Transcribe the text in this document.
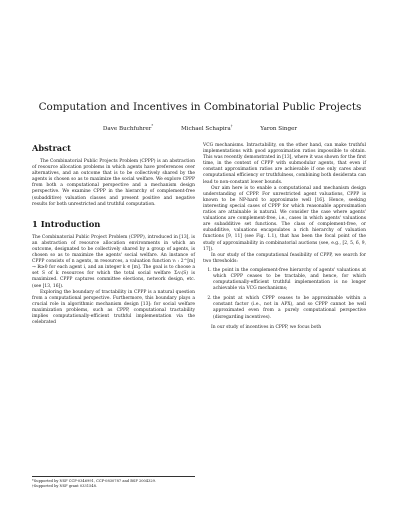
Computation and Incentives in Combinatorial Public Projects
Dave Buchfuhrer*	Michael Schapira†	Yaron Singer
Abstract

The Combinatorial Public Projects Problem (CPPP) is an abstraction of resource allocation problems in which agents have preferences over alternatives, and an outcome that is to be collectively shared by the agents is chosen so as to maximize the social welfare. We explore CPPP from both a computational perspective and a mechanism design perspective. We examine CPPP in the hierarchy of complement-free (subadditive) valuation classes and present positive and negative results for both unrestricted and truthful computation.

1 Introduction

The Combinatorial Public Project Problem (CPPP), introduced in [13], is an abstraction of resource allocation environments in which an outcome, designated to be collectively shared by a group of agents, is chosen so as to maximize the agents' social welfare. An instance of CPPP consists of n agents, m resources, a valuation function vᵢ : 2^[m] → ℝ≥0 for each agent i, and an integer k ∈ [m]. The goal is to choose a set S of k resources for which the total social welfare Σᵢvᵢ(S) is maximized. CPPP captures committee elections, network design, etc. (see [13, 16]).

Exploring the boundary of tractability in CPPP is a natural question from a computational perspective. Furthermore, this boundary plays a crucial role in algorithmic mechanism design [13]: for social welfare maximization problems, such as CPPP, computational tractability implies computationally-efficient truthful implementation via the celebrated

VCG mechanisms. Intractability, on the other hand, can make truthful implementations with good approximation ratios impossible to obtain. This was recently demonstrated in [13], where it was shown for the first time, in the context of CPPP with submodular agents, that even if constant approximation ratios are achievable if one only cares about computational efficiency or truthfulness, combining both desiderata can lead to non-constant lower bounds.

Our aim here is to enable a computational and mechanism design understanding of CPPP. For unrestricted agent valuations, CPPP is known to be NP-hard to approximate well [16]. Hence, seeking interesting special cases of CPPP for which reasonable approximation ratios are attainable is natural. We consider the case where agents' valuations are complement-free, i.e., cases in which agents' valuations are subadditive set functions. The class of complement-free, or subadditive, valuations encapsulates a rich hierarchy of valuation functions [9, 11] (see Fig. 1.1), that has been the focal point of the study of approximability in combinatorial auctions (see, e.g., [2, 5, 6, 9, 17]).

In our study of the computational feasibility of CPPP, we search for two thresholds:

1. the point in the complement-free hierarchy of agents' valuations at which CPPP ceases to be tractable, and hence, for which computationally-efficient truthful implementation is no longer achievable via VCG mechanisms;
2. the point at which CPPP ceases to be approximable within a constant factor (i.e., not in APX), and so CPPP cannot be well approximated even from a purely computational perspective (disregarding incentives).

In our study of incentives in CPPP, we focus both

*Supported by NSF CCF-0346991, CCF-0830787 and BSF 2004329.
†Supported by NSF grant 0331548.
